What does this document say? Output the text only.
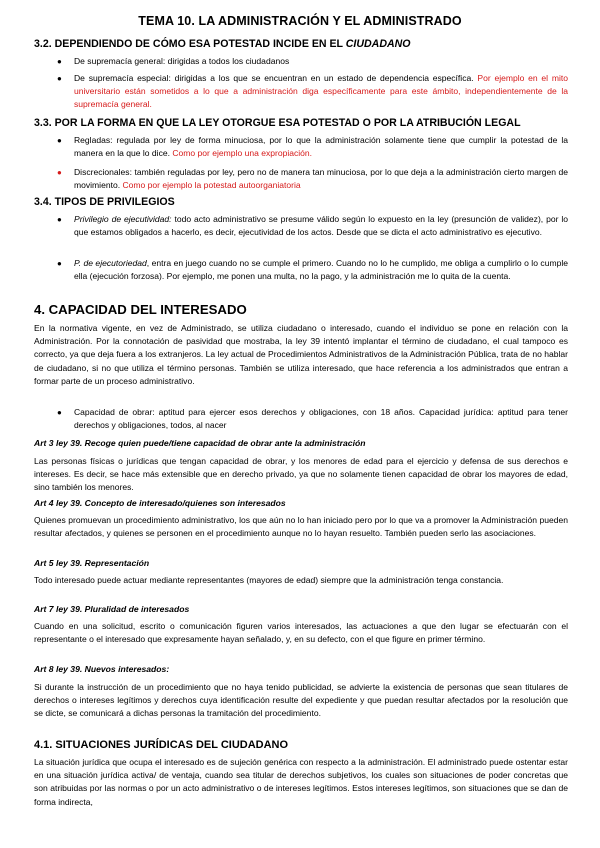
TEMA 10. LA ADMINISTRACIÓN Y EL ADMINISTRADO
3.2. DEPENDIENDO DE CÓMO ESA POTESTAD INCIDE EN EL CIUDADANO
● De supremacía general: dirigidas a todos los ciudadanos
● De supremacía especial: dirigidas a los que se encuentran en un estado de dependencia específica. Por ejemplo en el mito universitario están sometidos a lo que a administración diga específicamente para este ámbito, independientemente de la supremacía general.
3.3. POR LA FORMA EN QUE LA LEY OTORGUE ESA POTESTAD O POR LA ATRIBUCIÓN LEGAL
● Regladas: regulada por ley de forma minuciosa, por lo que la administración solamente tiene que cumplir la potestad de la manera en la que lo dice. Como por ejemplo una expropiación.
● Discrecionales: también reguladas por ley, pero no de manera tan minuciosa, por lo que deja a la administración cierto margen de movimiento. Como por ejemplo la potestad autoorganiatoria
3.4. TIPOS DE PRIVILEGIOS
● Privilegio de ejecutividad: todo acto administrativo se presume válido según lo expuesto en la ley (presunción de validez), por lo que estamos obligados a hacerlo, es decir, ejecutividad de los actos. Desde que se dicta el acto administrativo es ejecutivo.
● P. de ejecutoriedad, entra en juego cuando no se cumple el primero. Cuando no lo he cumplido, me obliga a cumplirlo o lo cumple ella (ejecución forzosa). Por ejemplo, me ponen una multa, no la pago, y la administración me lo quita de la cuenta.
4. CAPACIDAD DEL INTERESADO
En la normativa vigente, en vez de Administrado, se utiliza ciudadano o interesado, cuando el individuo se pone en relación con la Administración. Por la connotación de pasividad que mostraba, la ley 39 intentó implantar el término de ciudadano, el cual tampoco es correcto, ya que deja fuera a los extranjeros. La ley actual de Procedimientos Administrativos de la Administración Pública, trata de no hablar de ciudadano, si no que utiliza el término personas. También se utiliza interesado, que hace referencia a los administrados que entran a formar parte de un proceso administrativo.
● Capacidad de obrar: aptitud para ejercer esos derechos y obligaciones, con 18 años. Capacidad jurídica: aptitud para tener derechos y obligaciones, todos, al nacer
Art 3 ley 39. Recoge quien puede/tiene capacidad de obrar ante la administración
Las personas físicas o jurídicas que tengan capacidad de obrar, y los menores de edad para el ejercicio y defensa de sus derechos e intereses. Es decir, se hace más extensible que en derecho privado, ya que no solamente tienen capacidad de obrar los mayores de edad, sino también los menores.
Art 4 ley 39. Concepto de interesado/quienes son interesados
Quienes promuevan un procedimiento administrativo, los que aún no lo han iniciado pero por lo que va a promover la Administración pueden resultar afectados, y quienes se personen en el procedimiento aunque no lo hayan resuelto. También pueden serlo las asociaciones.
Art 5 ley 39. Representación
Todo interesado puede actuar mediante representantes (mayores de edad) siempre que la administración tenga constancia.
Art 7 ley 39. Pluralidad de interesados
Cuando en una solicitud, escrito o comunicación figuren varios interesados, las actuaciones a que den lugar se efectuarán con el representante o el interesado que expresamente hayan señalado, y, en su defecto, con el que figure en primer término.
Art 8 ley 39. Nuevos interesados:
Si durante la instrucción de un procedimiento que no haya tenido publicidad, se advierte la existencia de personas que sean titulares de derechos o intereses legítimos y derechos cuya identificación resulte del expediente y que puedan resultar afectados por la resolución que se dicte, se comunicará a dichas personas la tramitación del procedimiento.
4.1. SITUACIONES JURÍDICAS DEL CIUDADANO
La situación jurídica que ocupa el interesado es de sujeción genérica con respecto a la administración. El administrado puede ostentar estar en una situación jurídica activa/ de ventaja, cuando sea titular de derechos subjetivos, los cuales son situaciones de poder concretas que son atribuidas por las normas o por un acto administrativo o de intereses legítimos. Estos intereses legítimos, son situaciones que se dan de forma indirecta,
